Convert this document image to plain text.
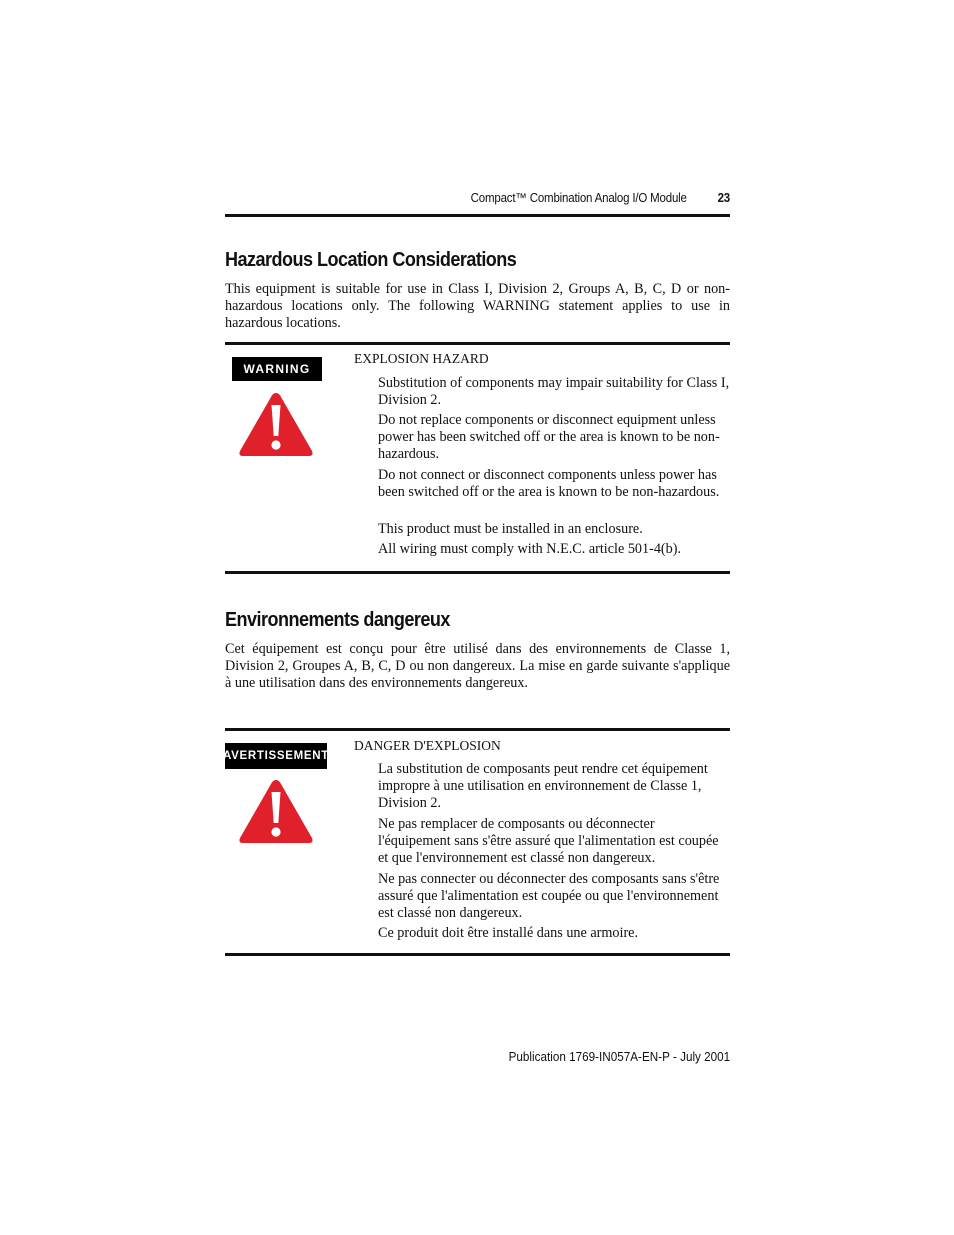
Compact™ Combination Analog I/O Module 23
Hazardous Location Considerations

This equipment is suitable for use in Class I, Division 2, Groups A, B, C, D or non-hazardous locations only. The following WARNING statement applies to use in hazardous locations.

WARNING

EXPLOSION HAZARD

Substitution of components may impair suitability for Class I, Division 2.

Do not replace components or disconnect equipment unless power has been switched off or the area is known to be non-hazardous.

Do not connect or disconnect components unless power has been switched off or the area is known to be non-hazardous.

This product must be installed in an enclosure.

All wiring must comply with N.E.C. article 501-4(b).

Environnements dangereux

Cet équipement est conçu pour être utilisé dans des environnements de Classe 1, Division 2, Groupes A, B, C, D ou non dangereux. La mise en garde suivante s'applique à une utilisation dans des environnements dangereux.

AVERTISSEMENT

DANGER D'EXPLOSION

La substitution de composants peut rendre cet équipement impropre à une utilisation en environnement de Classe 1, Division 2.

Ne pas remplacer de composants ou déconnecter l'équipement sans s'être assuré que l'alimentation est coupée et que l'environnement est classé non dangereux.

Ne pas connecter ou déconnecter des composants sans s'être assuré que l'alimentation est coupée ou que l'environnement est classé non dangereux.

Ce produit doit être installé dans une armoire.

Publication 1769-IN057A-EN-P - July 2001
